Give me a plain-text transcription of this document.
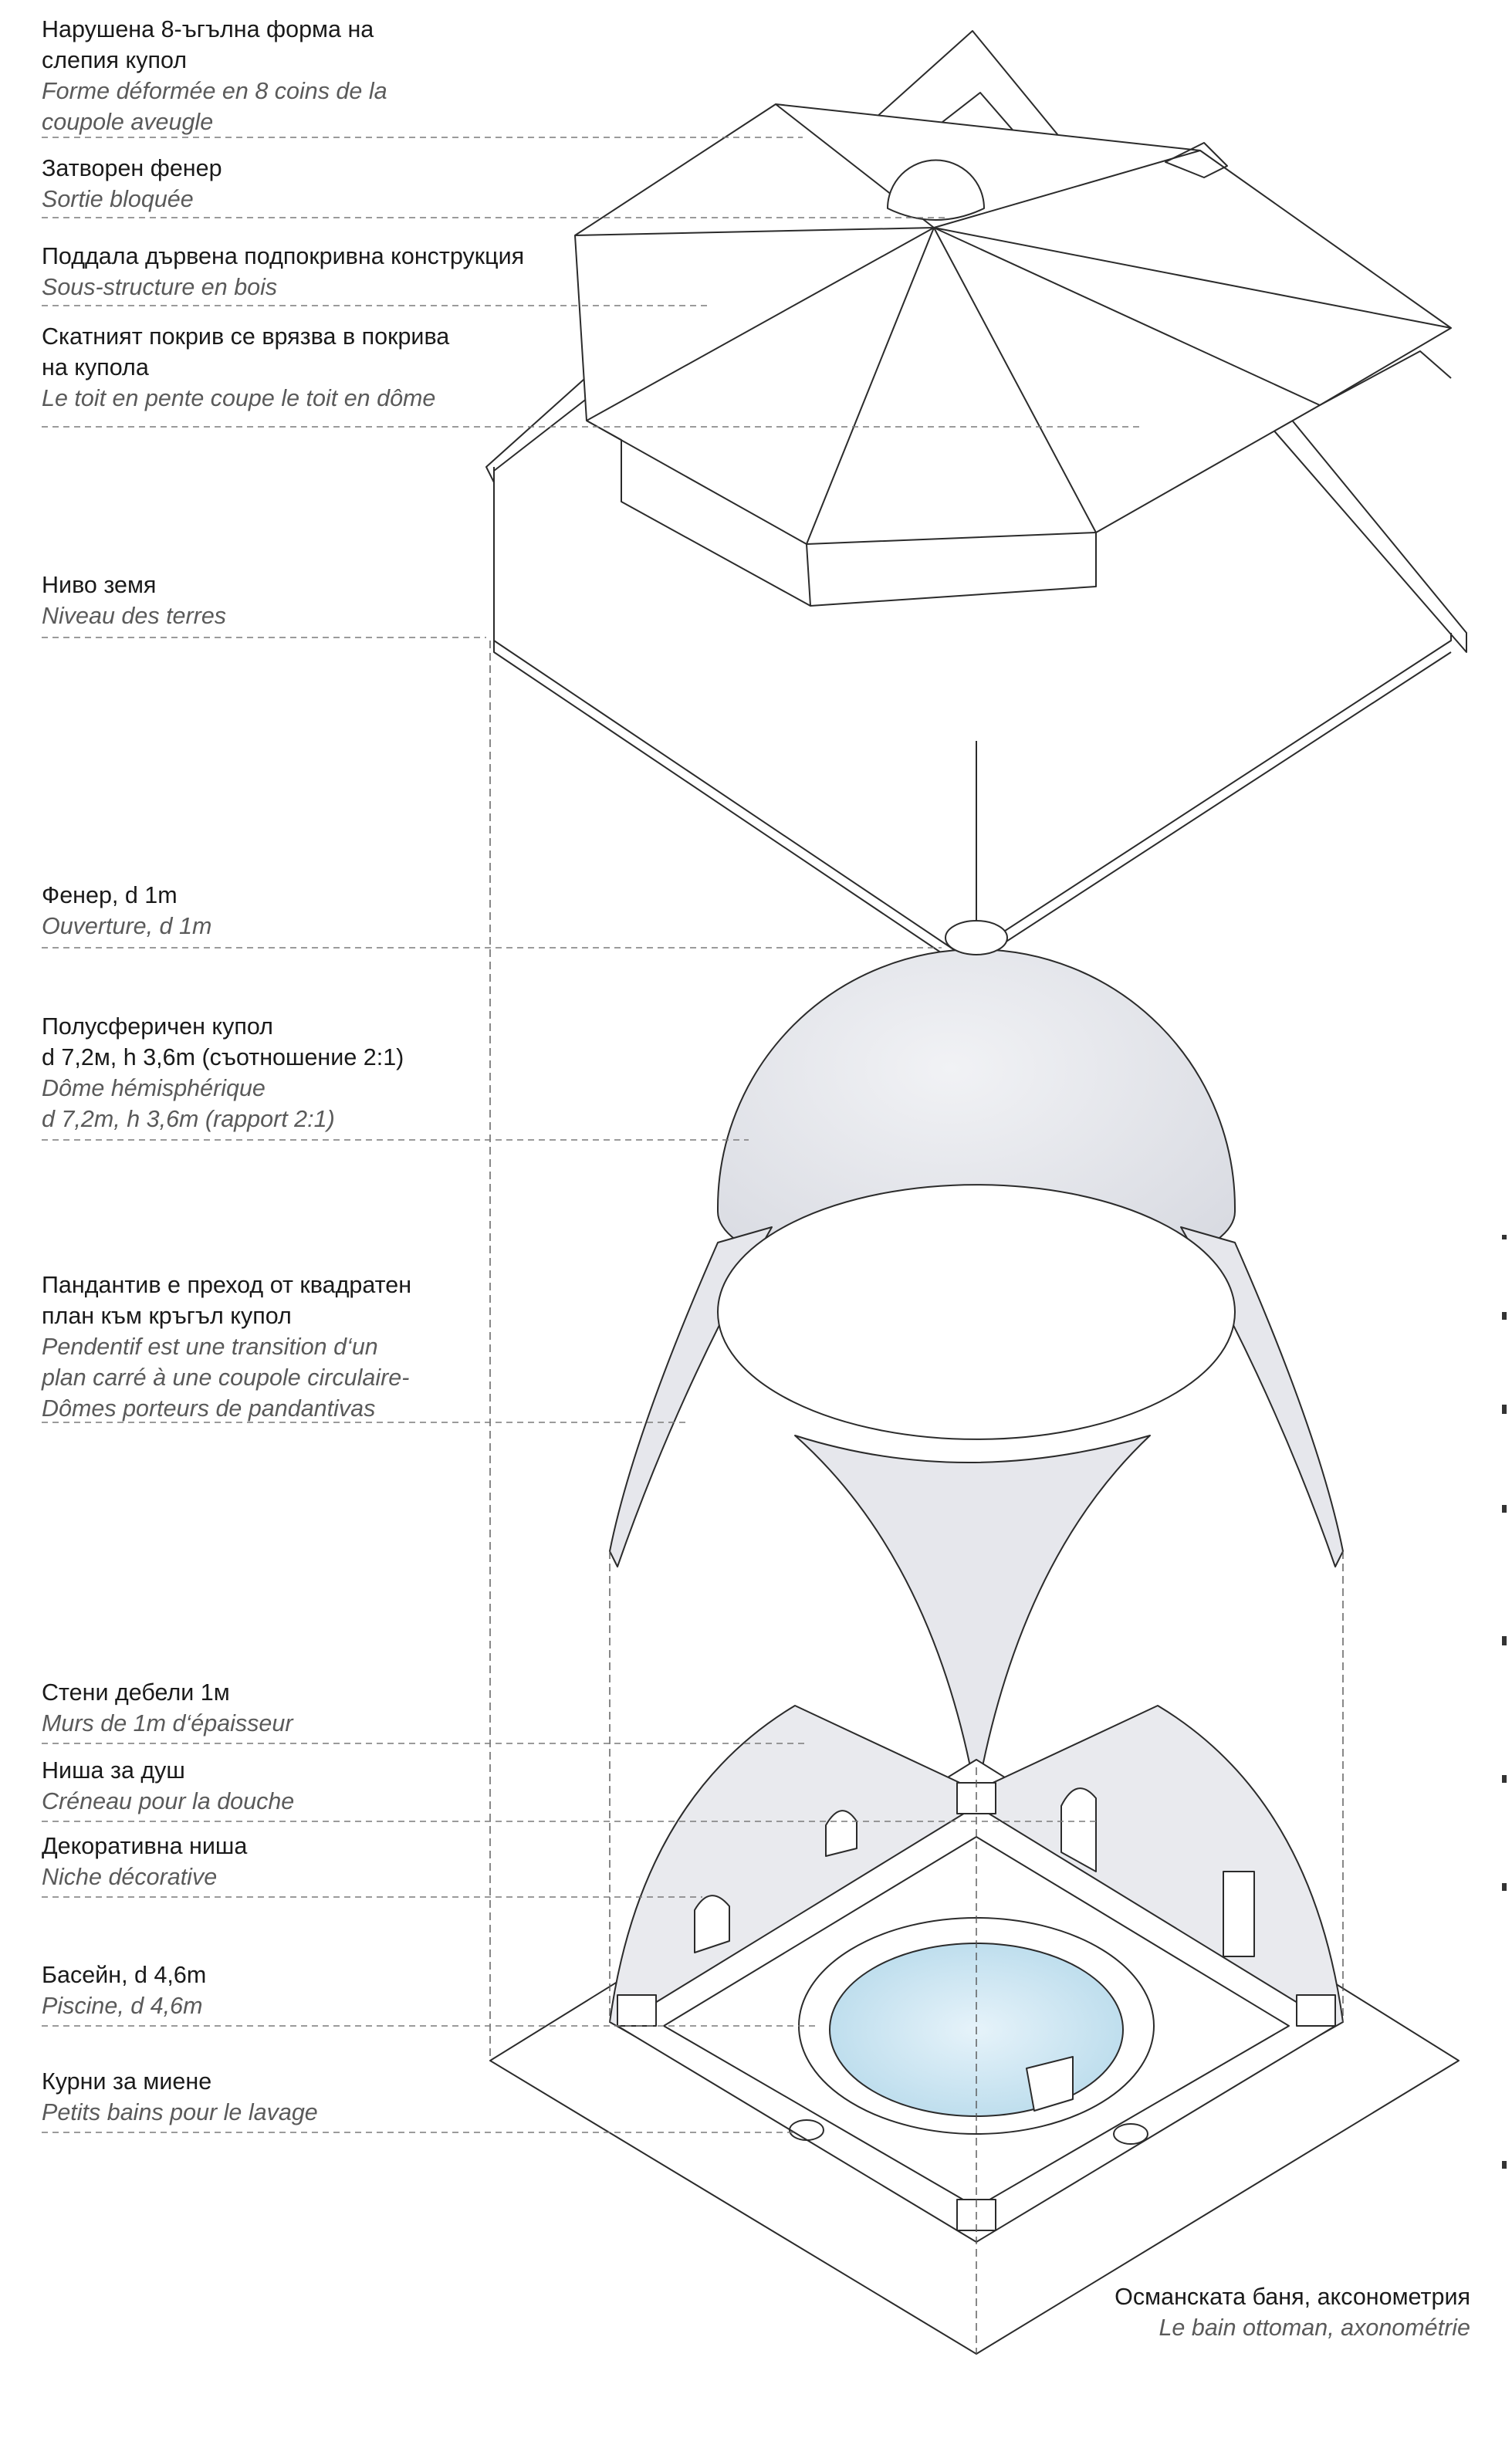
Нарушена 8-ъгълна форма на
слепия купол
Forme déformée en 8 coins de la
coupole aveugle
Затворен фенер
Sortie bloquée
Поддала дървена подпокривна конструкция
Sous-structure en bois
Скатният покрив се врязва в покрива
на купола
Le toit en pente coupe le toit en dôme
Ниво земя
Niveau des terres
Фенер, d 1m
Ouverture, d 1m
Полусферичен купол
d 7,2м, h 3,6m (съотношение 2:1)
Dôme hémisphérique
d 7,2m, h 3,6m (rapport 2:1)
Пандантив е преход от квадратен
план към кръгъл купол
Pendentif est une transition d‘un
plan carré à une coupole circulaire-
Dômes porteurs de pandantivas
Стени дебели 1м
Murs de 1m d‘épaisseur
Ниша за душ
Créneau pour la douche
Декоративна ниша
Niche décorative
Басейн, d 4,6m
Piscine, d 4,6m
Курни за миене
Petits bains pour le lavage
Османската баня, аксонометрия
Le bain ottoman, axonométrie
